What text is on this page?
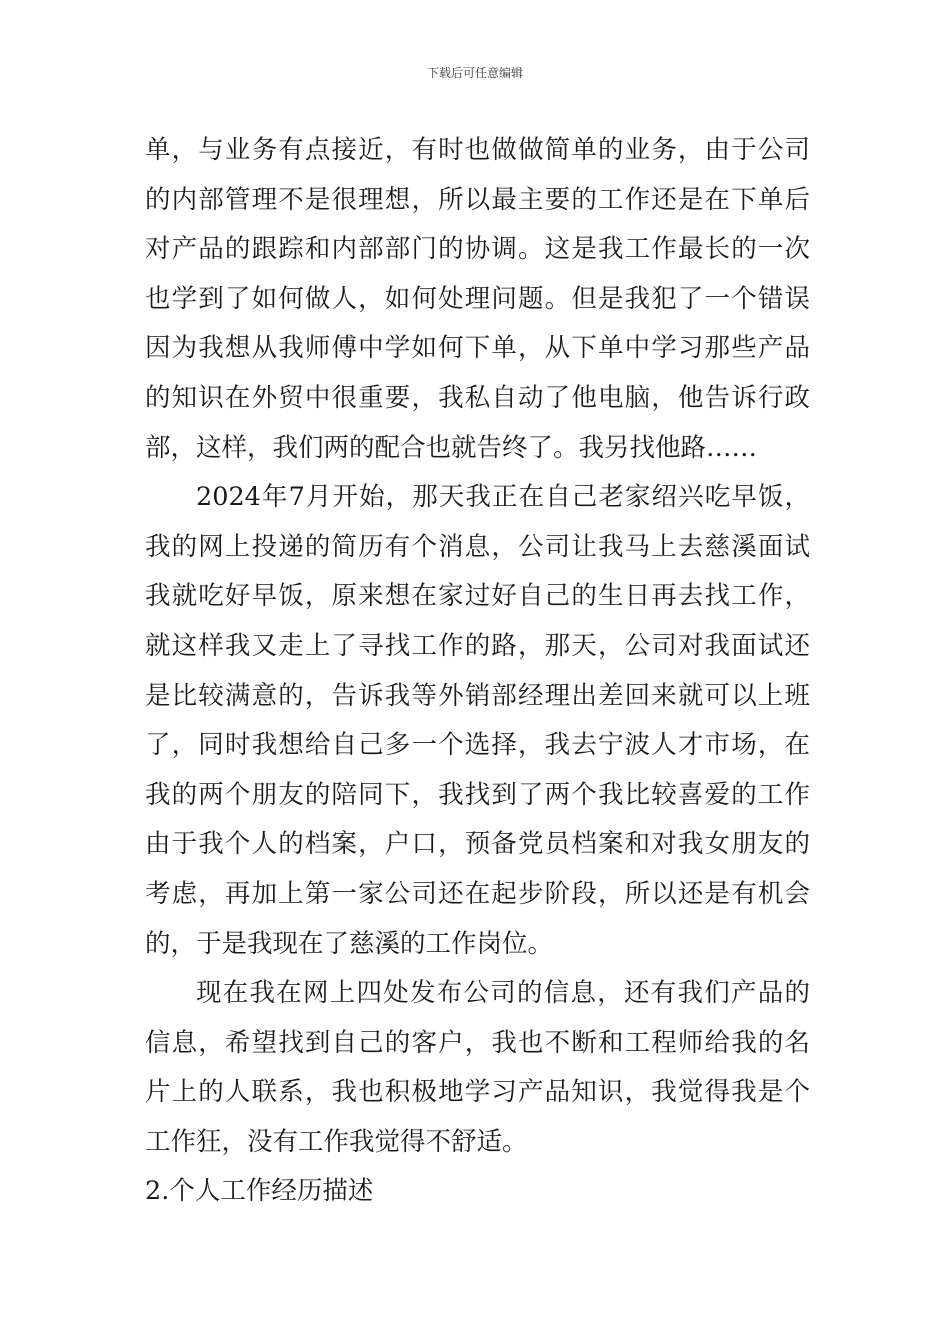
下载后可任意编辑
单，与业务有点接近，有时也做做简单的业务，由于公司
的内部管理不是很理想，所以最主要的工作还是在下单后
对产品的跟踪和内部部门的协调。这是我工作最长的一次
也学到了如何做人，如何处理问题。但是我犯了一个错误
因为我想从我师傅中学如何下单，从下单中学习那些产品
的知识在外贸中很重要，我私自动了他电脑，他告诉行政
部，这样，我们两的配合也就告终了。我另找他路……
2024年7月开始，那天我正在自己老家绍兴吃早饭，
我的网上投递的简历有个消息，公司让我马上去慈溪面试
我就吃好早饭，原来想在家过好自己的生日再去找工作，
就这样我又走上了寻找工作的路，那天，公司对我面试还
是比较满意的，告诉我等外销部经理出差回来就可以上班
了，同时我想给自己多一个选择，我去宁波人才市场，在
我的两个朋友的陪同下，我找到了两个我比较喜爱的工作
由于我个人的档案，户口，预备党员档案和对我女朋友的
考虑，再加上第一家公司还在起步阶段，所以还是有机会
的，于是我现在了慈溪的工作岗位。
现在我在网上四处发布公司的信息，还有我们产品的
信息，希望找到自己的客户，我也不断和工程师给我的名
片上的人联系，我也积极地学习产品知识，我觉得我是个
工作狂，没有工作我觉得不舒适。
2.个人工作经历描述
